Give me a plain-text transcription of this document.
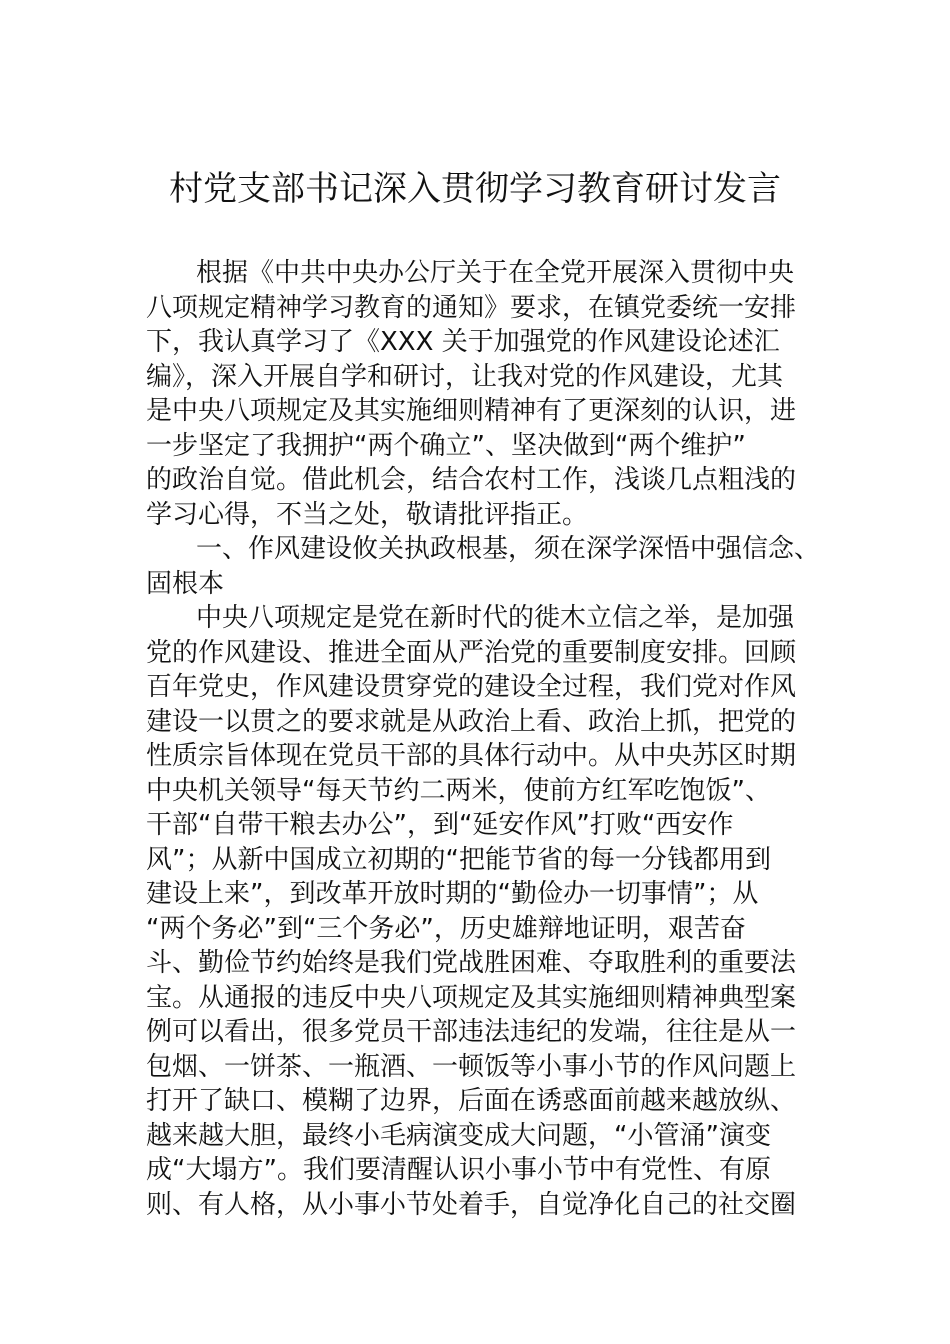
村党支部书记深入贯彻学习教育研讨发言
根据《中共中央办公厅关于在全党开展深入贯彻中央
八项规定精神学习教育的通知》要求，在镇党委统一安排
下，我认真学习了《XXX 关于加强党的作风建设论述汇
编》，深入开展自学和研讨，让我对党的作风建设，尤其
是中央八项规定及其实施细则精神有了更深刻的认识，进
一步坚定了我拥护“两个确立”、坚决做到“两个维护”
的政治自觉。借此机会，结合农村工作，浅谈几点粗浅的
学习心得，不当之处，敬请批评指正。
一、作风建设攸关执政根基，须在深学深悟中强信念、
固根本
中央八项规定是党在新时代的徙木立信之举，是加强
党的作风建设、推进全面从严治党的重要制度安排。回顾
百年党史，作风建设贯穿党的建设全过程，我们党对作风
建设一以贯之的要求就是从政治上看、政治上抓，把党的
性质宗旨体现在党员干部的具体行动中。从中央苏区时期
中央机关领导“每天节约二两米，使前方红军吃饱饭”、
干部“自带干粮去办公”，到“延安作风”打败“西安作
风”；从新中国成立初期的“把能节省的每一分钱都用到
建设上来”，到改革开放时期的“勤俭办一切事情”；从
“两个务必”到“三个务必”，历史雄辩地证明，艰苦奋
斗、勤俭节约始终是我们党战胜困难、夺取胜利的重要法
宝。从通报的违反中央八项规定及其实施细则精神典型案
例可以看出，很多党员干部违法违纪的发端，往往是从一
包烟、一饼茶、一瓶酒、一顿饭等小事小节的作风问题上
打开了缺口、模糊了边界，后面在诱惑面前越来越放纵、
越来越大胆，最终小毛病演变成大问题，“小管涌”演变
成“大塌方”。我们要清醒认识小事小节中有党性、有原
则、有人格，从小事小节处着手，自觉净化自己的社交圈
